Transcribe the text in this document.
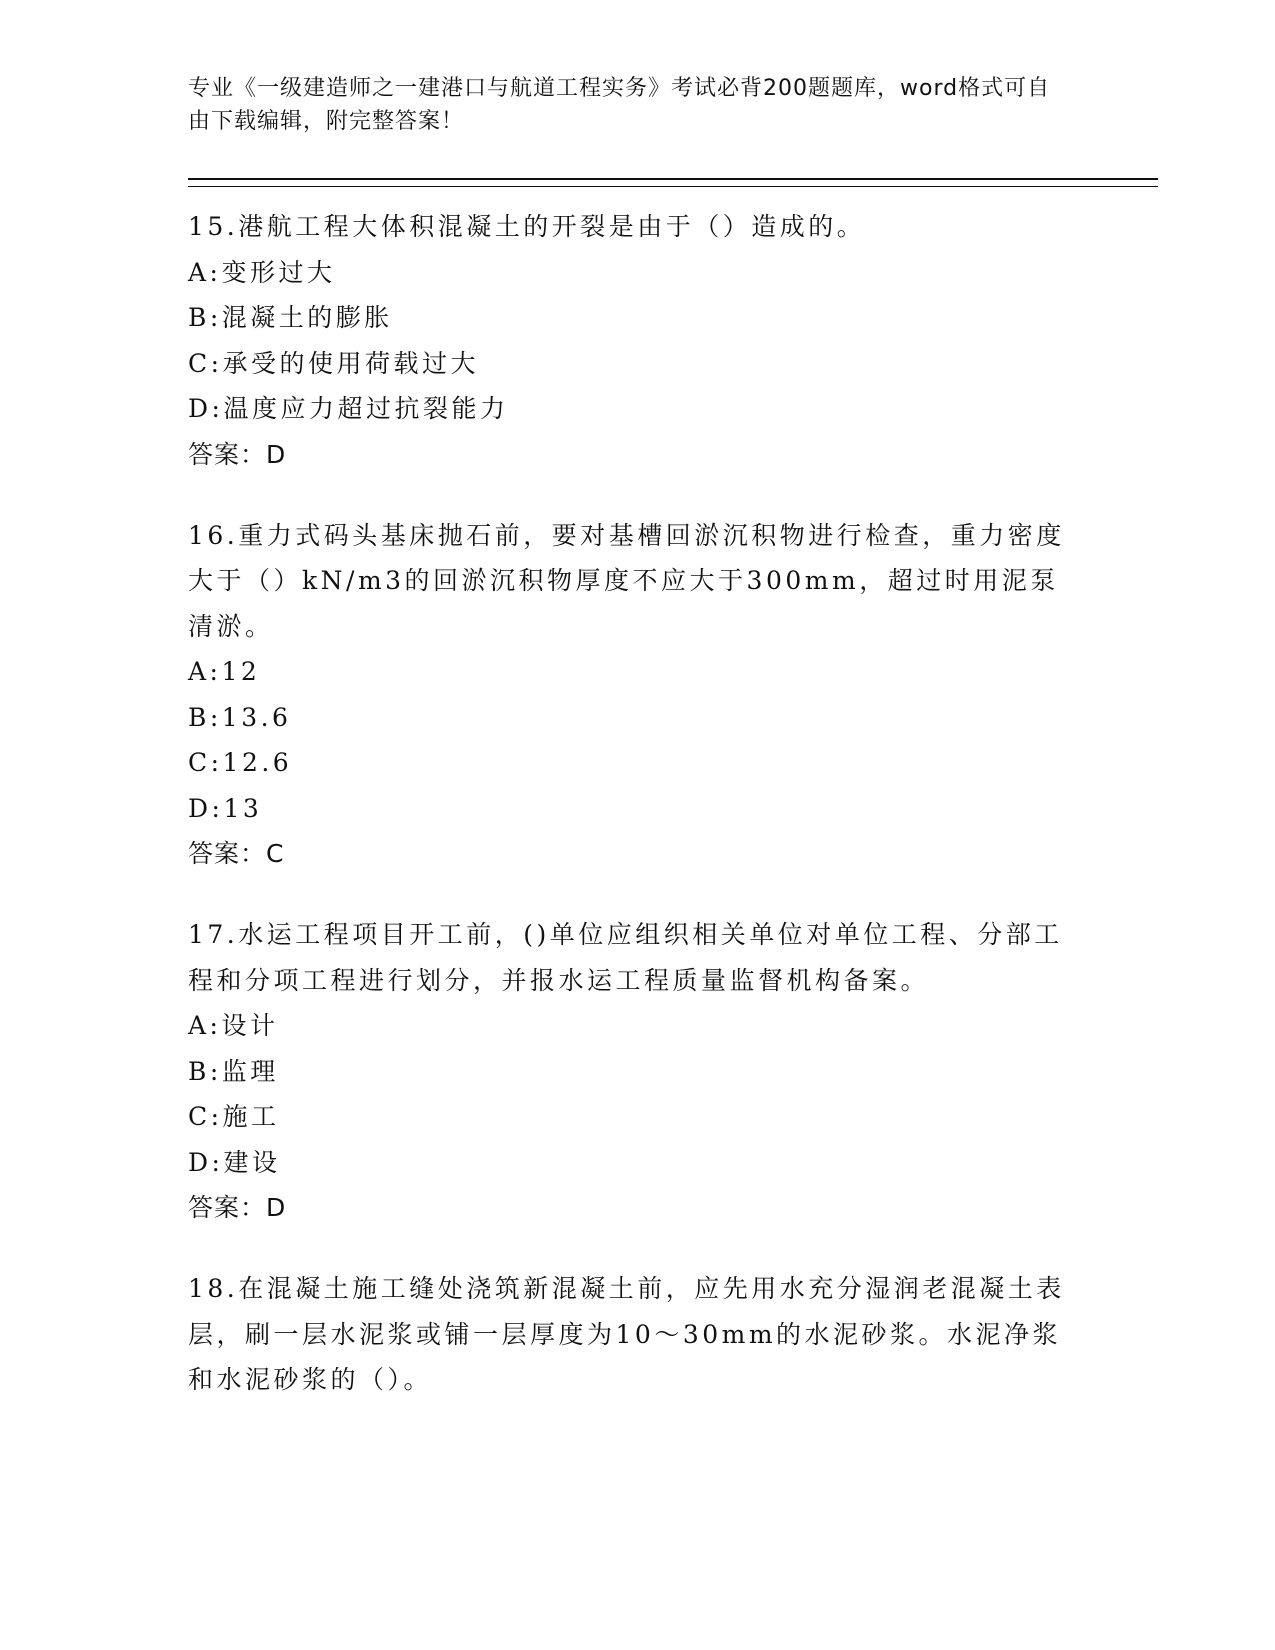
专业《一级建造师之一建港口与航道工程实务》考试必背200题题库，word格式可自由下载编辑，附完整答案！

15.港航工程大体积混凝土的开裂是由于（）造成的。

A:变形过大

B:混凝土的膨胀

C:承受的使用荷载过大

D:温度应力超过抗裂能力

答案：D

16.重力式码头基床抛石前，要对基槽回淤沉积物进行检查，重力密度大于（）kN/m3的回淤沉积物厚度不应大于300mm，超过时用泥泵清淤。

A:12

B:13.6

C:12.6

D:13

答案：C

17.水运工程项目开工前，()单位应组织相关单位对单位工程、分部工程和分项工程进行划分，并报水运工程质量监督机构备案。

A:设计

B:监理

C:施工

D:建设

答案：D

18.在混凝土施工缝处浇筑新混凝土前，应先用水充分湿润老混凝土表层，刷一层水泥浆或铺一层厚度为10～30mm的水泥砂浆。水泥净浆和水泥砂浆的（）。
